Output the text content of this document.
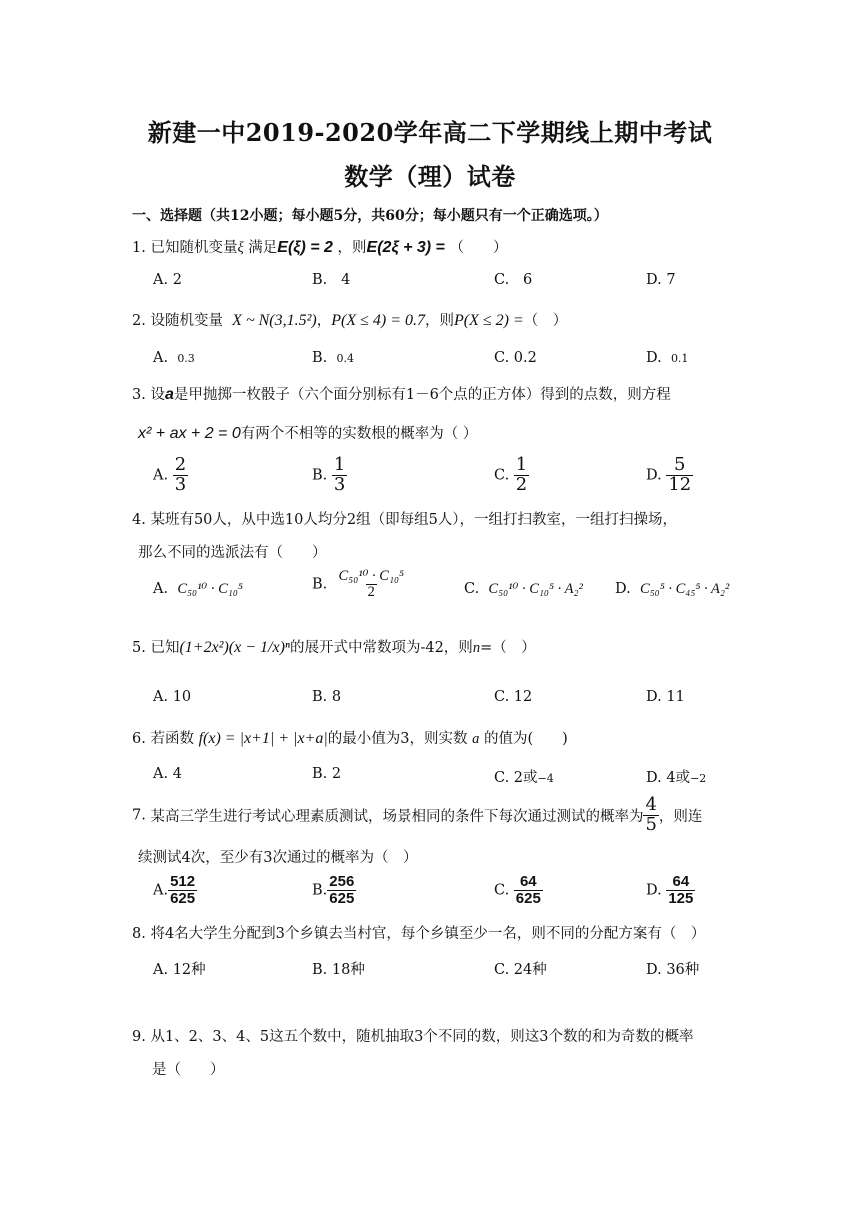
新建一中2019-2020学年高二下学期线上期中考试
数学（理）试卷
一、选择题（共12小题；每小题5分，共60分；每小题只有一个正确选项。）
1. 已知随机变量ξ 满足E(ξ) = 2 ，则E(2ξ + 3) = （　　）
A. 2	B. 4	C. 6	D. 7
2. 设随机变量 X ~ N(3,1.5²)，P(X ≤ 4) = 0.7，则P(X ≤ 2) =（　）
A. 0.3	B. 0.4	C. 0.2	D. 0.1
3. 设a是甲抛掷一枚骰子（六个面分别标有1－6个点的正方体）得到的点数，则方程
x² + ax + 2 = 0有两个不相等的实数根的概率为（ ）
A. $\frac{2}{3}$	B. $\frac{1}{3}$	C. $\frac{1}{2}$	D. $\frac{5}{12}$
4. 某班有50人，从中选10人均分2组（即每组5人），一组打扫教室，一组打扫操场，
那么不同的选派法有（　　）
A. C₅₀¹⁰ · C₁₀⁵	B. $\frac{\text{C₅₀¹⁰ · C₁₀⁵}}{2}$	C. C₅₀¹⁰ · C₁₀⁵ · A₂² D. C₅₀⁵ · C₄₅⁵ · A₂²
5. 已知(1+2x²)(x − 1/x)ⁿ的展开式中常数项为-42，则n=（　）
A. 10	B. 8	C. 12	D. 11
6. 若函数 f(x) = |x+1| + |x+a|的最小值为3，则实数 a 的值为(　　)
A. 4	B. 2	C. 2或−4	D. 4或−2
7. 某高三学生进行考试心理素质测试，场景相同的条件下每次通过测试的概率为 $\frac{4}{5}$ ，则连
续测试4次，至少有3次通过的概率为（　）
A. $\frac{512}{625}$	B. $\frac{256}{625}$	C. $\frac{64}{625}$	D. $\frac{64}{125}$
8. 将4名大学生分配到3个乡镇去当村官，每个乡镇至少一名，则不同的分配方案有（　）
A. 12种	B. 18种	C. 24种	D. 36种
9. 从1、2、3、4、5这五个数中，随机抽取3个不同的数，则这3个数的和为奇数的概率
是（　　）
